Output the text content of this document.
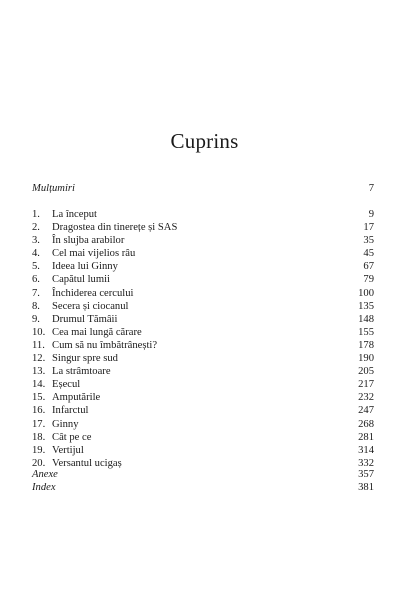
Cuprins
Mulțumiri	7
1.	La început	9
2.	Dragostea din tinerețe și SAS	17
3.	În slujba arabilor	35
4.	Cel mai vijelios râu	45
5.	Ideea lui Ginny	67
6.	Capătul lumii	79
7.	Închiderea cercului	100
8.	Secera și ciocanul	135
9.	Drumul Tămâii	148
10. Cea mai lungă cărare	155
11. Cum să nu îmbătrânești?	178
12. Singur spre sud	190
13. La strâmtoare	205
14. Eșecul	217
15. Amputările	232
16. Infarctul	247
17. Ginny	268
18. Cât pe ce	281
19. Vertijul	314
20. Versantul ucigaș	332
Anexe	357
Index	381
